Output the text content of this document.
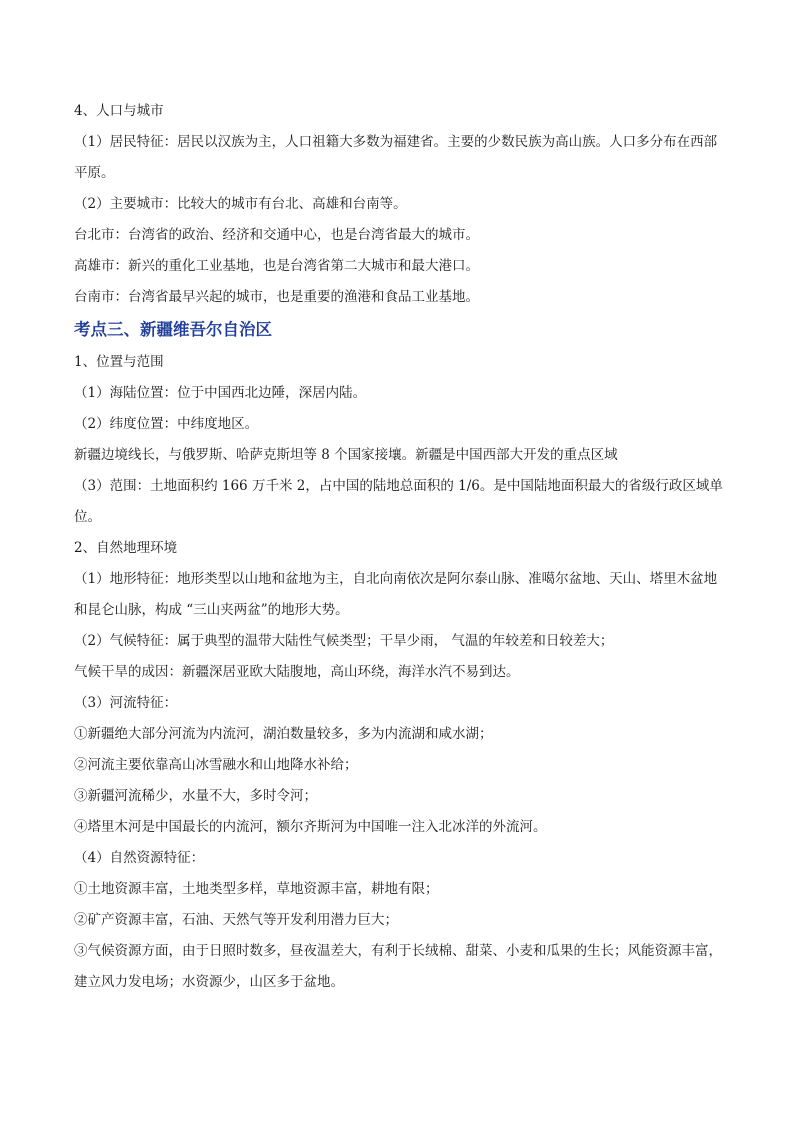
4、人口与城市
（1）居民特征：居民以汉族为主，人口祖籍大多数为福建省。主要的少数民族为高山族。人口多分布在西部平原。
（2）主要城市：比较大的城市有台北、高雄和台南等。
台北市：台湾省的政治、经济和交通中心，也是台湾省最大的城市。
高雄市：新兴的重化工业基地，也是台湾省第二大城市和最大港口。
台南市：台湾省最早兴起的城市，也是重要的渔港和食品工业基地。
考点三、新疆维吾尔自治区
1、位置与范围
（1）海陆位置：位于中国西北边陲，深居内陆。
（2）纬度位置：中纬度地区。
新疆边境线长，与俄罗斯、哈萨克斯坦等 8 个国家接壤。新疆是中国西部大开发的重点区域
（3）范围：土地面积约 166 万千米 2，占中国的陆地总面积的 1/6。是中国陆地面积最大的省级行政区域单位。
2、自然地理环境
（1）地形特征：地形类型以山地和盆地为主，自北向南依次是阿尔泰山脉、准噶尔盆地、天山、塔里木盆地和昆仑山脉，构成 “三山夹两盆”的地形大势。
（2）气候特征：属于典型的温带大陆性气候类型；干旱少雨， 气温的年较差和日较差大；
气候干旱的成因：新疆深居亚欧大陆腹地，高山环绕，海洋水汽不易到达。
（3）河流特征：
①新疆绝大部分河流为内流河，湖泊数量较多，多为内流湖和咸水湖；
②河流主要依靠高山冰雪融水和山地降水补给；
③新疆河流稀少，水量不大，多时令河；
④塔里木河是中国最长的内流河，额尔齐斯河为中国唯一注入北冰洋的外流河。
（4）自然资源特征：
①土地资源丰富，土地类型多样，草地资源丰富，耕地有限；
②矿产资源丰富，石油、天然气等开发利用潜力巨大；
③气候资源方面，由于日照时数多，昼夜温差大，有利于长绒棉、甜菜、小麦和瓜果的生长；风能资源丰富，建立风力发电场；水资源少，山区多于盆地。
